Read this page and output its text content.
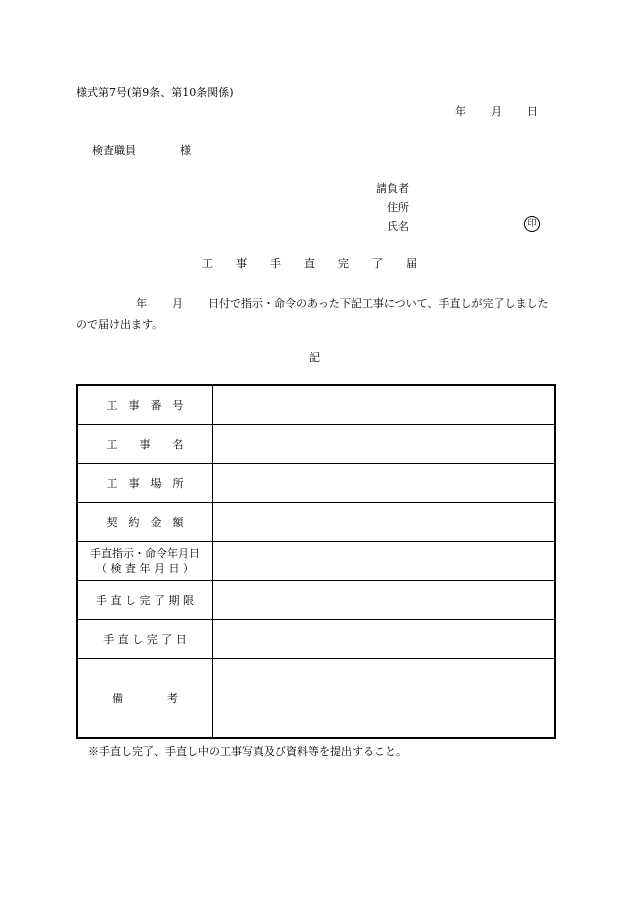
様式第7号(第9条、第10条関係)
年 月 日
検査職員	様
請負者
住所
氏名	印
工 事 手 直 完 了 届
年 月 日付で指示・命令のあった下記工事について、手直しが完了しましたので届け出ます。
記
工　事　番　号	
工　　事　　名	
工　事　場　所	
契　約　金　額	

手直指示・命令年月日
（ 検 査 年 月 日 ）	

手 直 し 完 了 期 限	
手 直 し 完 了 日	
備　　　　考	
※手直し完了、手直し中の工事写真及び資料等を提出すること。
